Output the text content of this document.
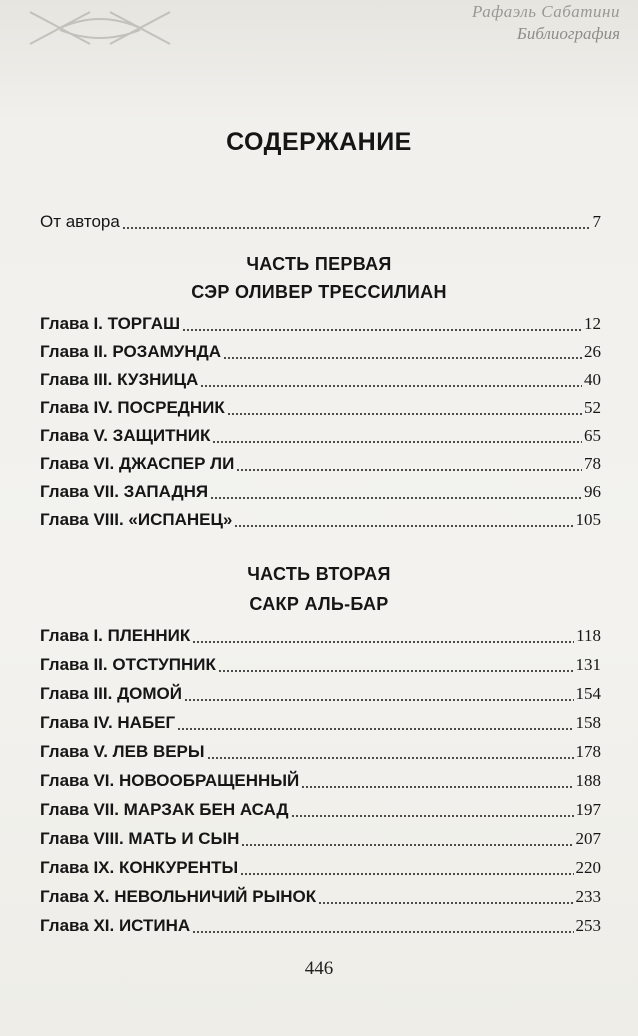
Рафаэль Сабатини
Библиография
СОДЕРЖАНИЕ
От автора	7
ЧАСТЬ ПЕРВАЯ
СЭР ОЛИВЕР ТРЕССИЛИАН
Глава I. ТОРГАШ	12
Глава II. РОЗАМУНДА	26
Глава III. КУЗНИЦА	40
Глава IV. ПОСРЕДНИК	52
Глава V. ЗАЩИТНИК	65
Глава VI. ДЖАСПЕР ЛИ	78
Глава VII. ЗАПАДНЯ	96
Глава VIII. «ИСПАНЕЦ»	105
ЧАСТЬ ВТОРАЯ
САКР АЛЬ-БАР
Глава I. ПЛЕННИК	118
Глава II. ОТСТУПНИК	131
Глава III. ДОМОЙ	154
Глава IV. НАБЕГ	158
Глава V. ЛЕВ ВЕРЫ	178
Глава VI. НОВООБРАЩЕННЫЙ	188
Глава VII. МАРЗАК БЕН АСАД	197
Глава VIII. МАТЬ И СЫН	207
Глава IX. КОНКУРЕНТЫ	220
Глава X. НЕВОЛЬНИЧИЙ РЫНОК	233
Глава XI. ИСТИНА	253
446
